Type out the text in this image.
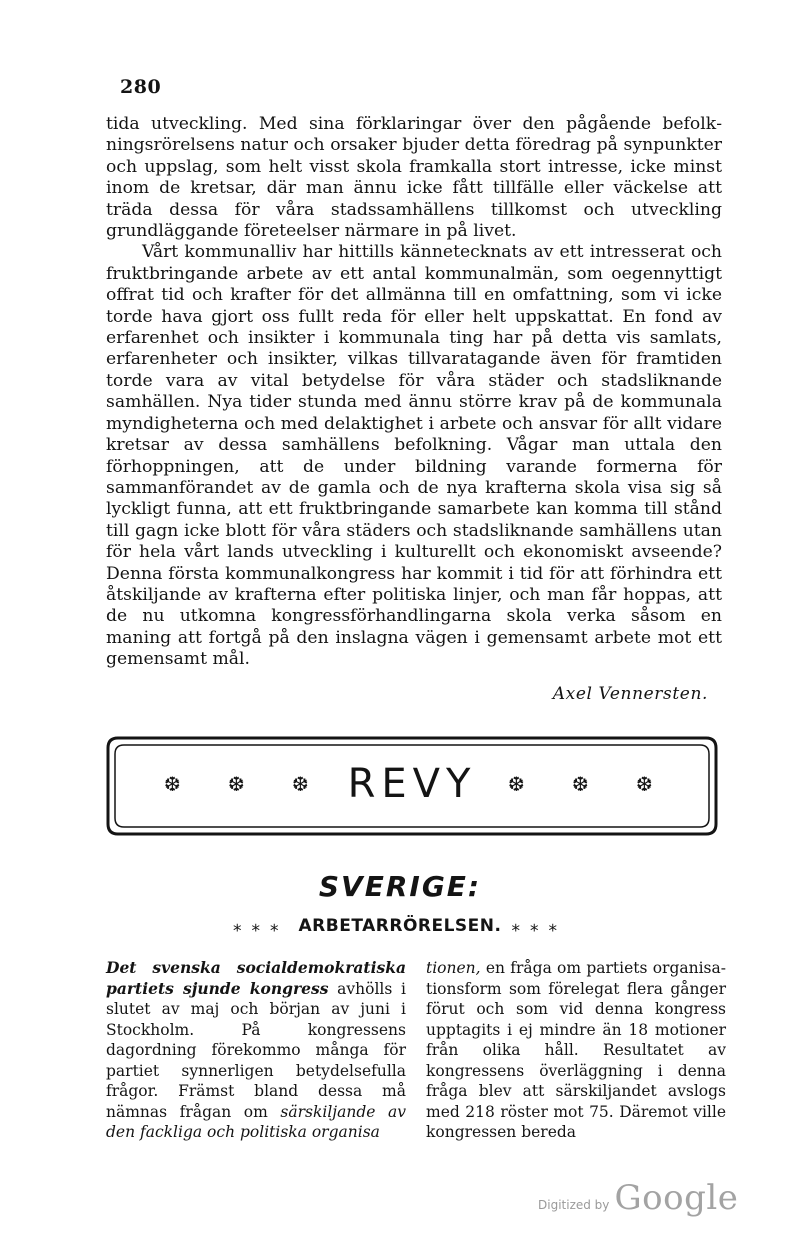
280

tida utveckling. Med sina förklaringar över den pågående befolkningsrörelsens natur och orsaker bjuder detta föredrag på synpunkter och uppslag, som helt visst skola framkalla stort intresse, icke minst inom de kretsar, där man ännu icke fått tillfälle eller väckelse att träda dessa för våra stadssamhällens tillkomst och utveckling grundläggande företeelser närmare in på livet.

Vårt kommunalliv har hittills kännetecknats av ett intresserat och fruktbringande arbete av ett antal kommunalmän, som oegennyttigt offrat tid och krafter för det allmänna till en omfattning, som vi icke torde hava gjort oss fullt reda för eller helt uppskattat. En fond av erfarenhet och insikter i kommunala ting har på detta vis samlats, erfarenheter och insikter, vilkas tillvaratagande även för framtiden torde vara av vital betydelse för våra städer och stadsliknande samhällen. Nya tider stunda med ännu större krav på de kommunala myndigheterna och med delaktighet i arbete och ansvar för allt vidare kretsar av dessa samhällens befolkning. Vågar man uttala den förhoppningen, att de under bildning varande formerna för sammanförandet av de gamla och de nya krafterna skola visa sig så lyckligt funna, att ett fruktbringande samarbete kan komma till stånd till gagn icke blott för våra städers och stadsliknande samhällens utan för hela vårt lands utveckling i kulturellt och ekonomiskt avseende? Denna första kommunalkongress har kommit i tid för att förhindra ett åtskiljande av krafterna efter politiska linjer, och man får hoppas, att de nu utkomna kongressförhandlingarna skola verka såsom en maning att fortgå på den inslagna vägen i gemensamt arbete mot ett gemensamt mål.

Axel Vennersten.
❆ ❆ ❆ REVY	❆ ❆ ❆
SVERIGE:
⁎⁎⁎ ARBETARRÖRELSEN. ⁎⁎⁎

Det svenska socialdemokratiska partiets sjunde kongress avhölls i slutet av maj och början av juni i Stockholm. På kongressens dagordning förekommo många för partiet synnerligen betydelsefulla frågor. Främst bland dessa må nämnas frågan om särskiljande av den fackliga och politiska organisa

tionen, en fråga om partiets organisationsform som förelegat flera gånger förut och som vid denna kongress upptagits i ej mindre än 18 motioner från olika håll. Resultatet av kongressens överläggning i denna fråga blev att särskiljandet avslogs med 218 röster mot 75. Däremot ville kongressen bereda

Digitized by Google
